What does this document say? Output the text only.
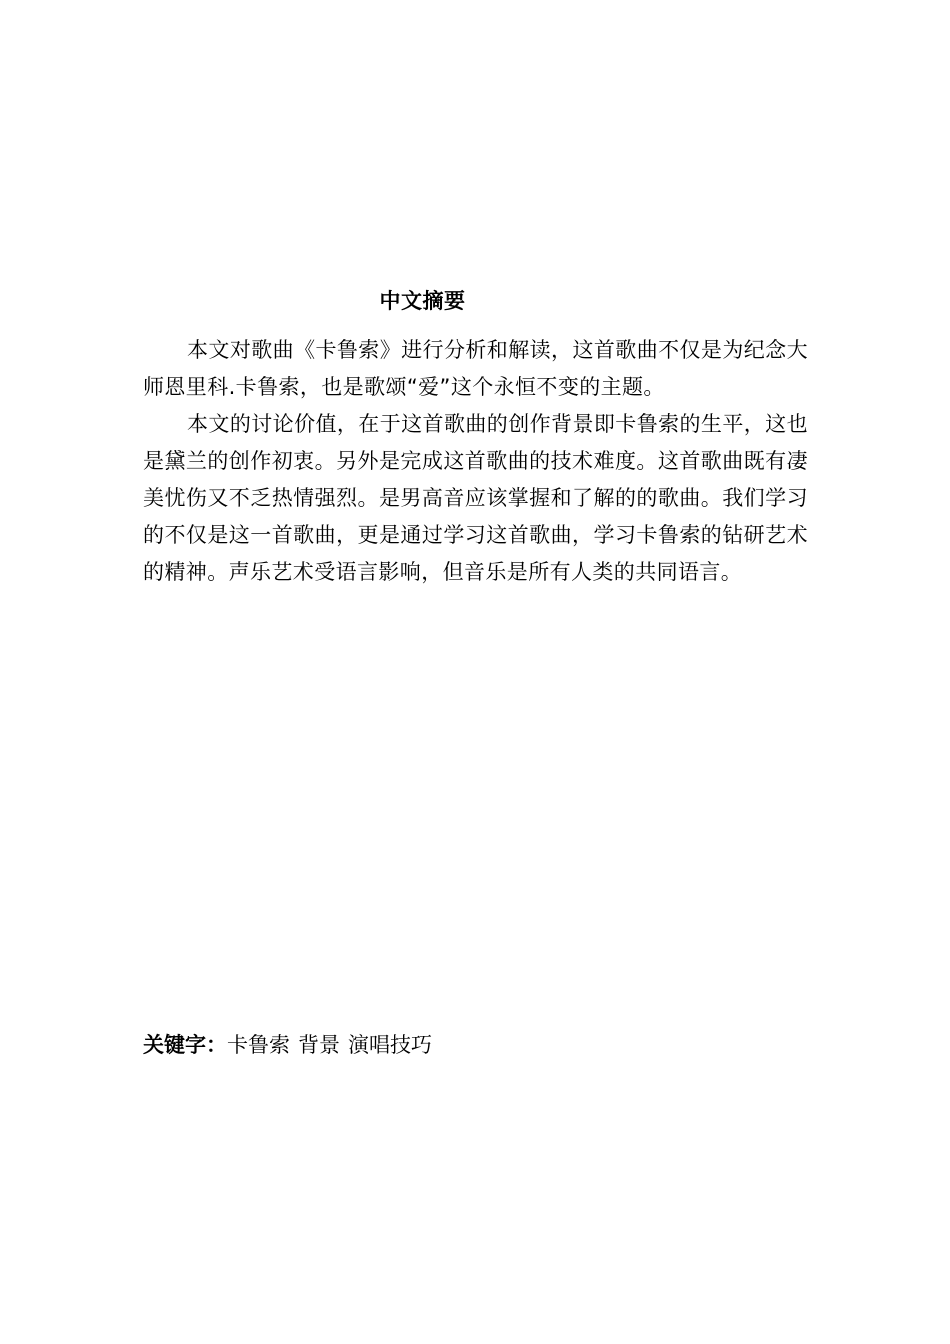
中文摘要

本文对歌曲《卡鲁索》进行分析和解读，这首歌曲不仅是为纪念大师恩里科.卡鲁索，也是歌颂“爱”这个永恒不变的主题。

本文的讨论价值，在于这首歌曲的创作背景即卡鲁索的生平，这也是黛兰的创作初衷。另外是完成这首歌曲的技术难度。这首歌曲既有凄美忧伤又不乏热情强烈。是男高音应该掌握和了解的的歌曲。我们学习的不仅是这一首歌曲，更是通过学习这首歌曲，学习卡鲁索的钻研艺术的精神。声乐艺术受语言影响，但音乐是所有人类的共同语言。

关键字：卡鲁索 背景 演唱技巧
